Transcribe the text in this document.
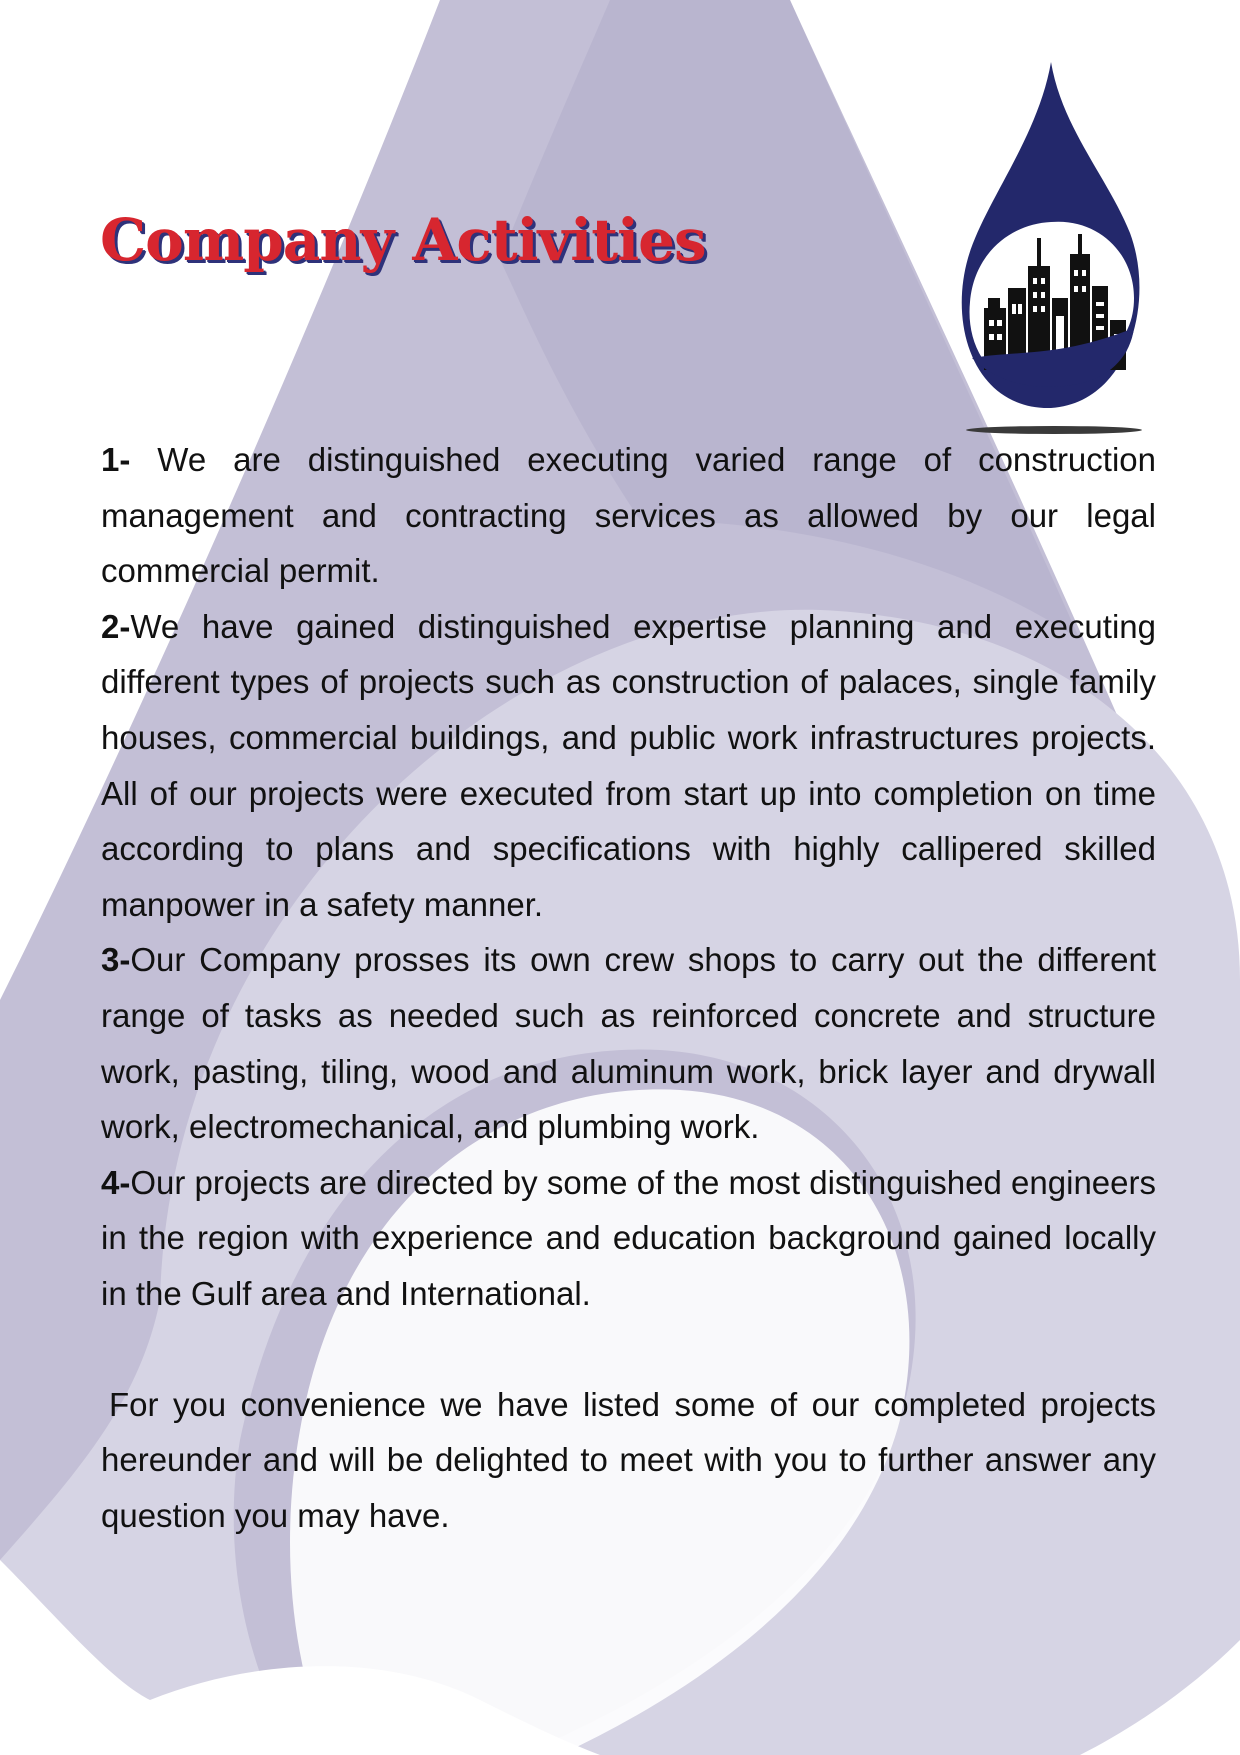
Company Activities

1- We are distinguished executing varied range of construction management and contracting services as allowed by our legal commercial permit.

2-We have gained distinguished expertise planning and executing different types of projects such as construction of palaces, single family houses, commercial buildings, and public work infrastructures projects. All of our projects were executed from start up into completion on time according to plans and specifications with highly callipered skilled manpower in a safety manner.

3-Our Company prosses its own crew shops to carry out the different range of tasks as needed such as reinforced concrete and structure work, pasting, tiling, wood and aluminum work, brick layer and drywall work, electromechanical, and plumbing work.

4-Our projects are directed by some of the most distinguished engineers in the region with experience and education background gained locally in the Gulf area and International.

For you convenience we have listed some of our completed projects hereunder and will be delighted to meet with you to further answer any question you may have.
